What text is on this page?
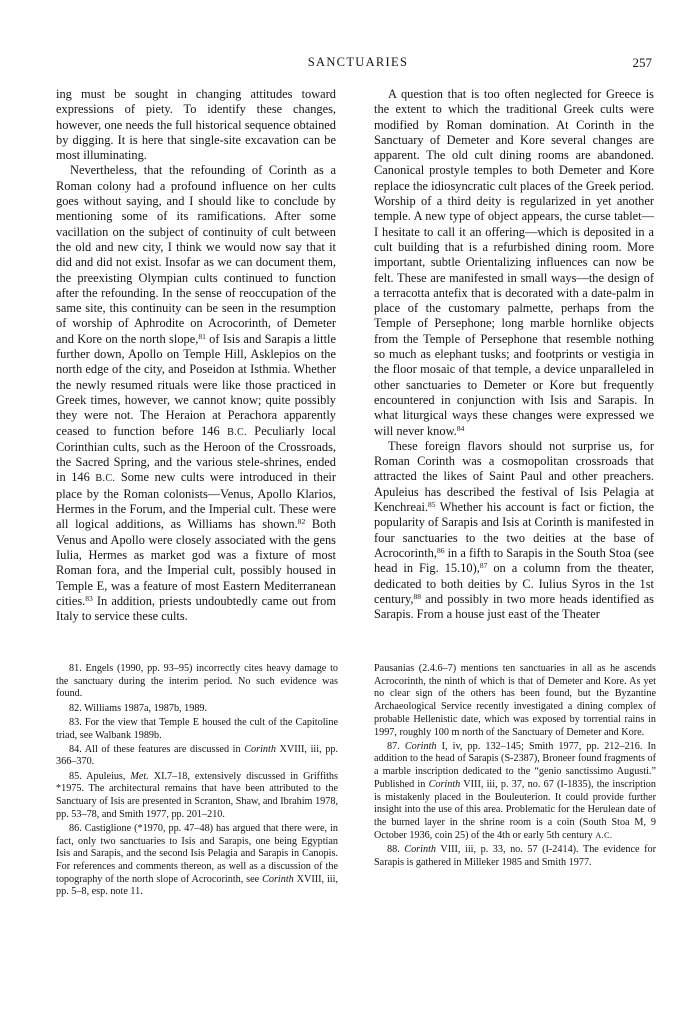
SANCTUARIES	257

ing must be sought in changing attitudes toward expressions of piety. To identify these changes, however, one needs the full historical sequence obtained by digging. It is here that single-site excavation can be most illuminating.

Nevertheless, that the refounding of Corinth as a Roman colony had a profound influence on her cults goes without saying, and I should like to conclude by mentioning some of its ramifications. After some vacillation on the subject of continuity of cult between the old and new city, I think we would now say that it did and did not exist. Insofar as we can document them, the preexisting Olympian cults continued to function after the refounding. In the sense of reoccupation of the same site, this continuity can be seen in the resumption of worship of Aphrodite on Acrocorinth, of Demeter and Kore on the north slope,$^{81}$ of Isis and Sarapis a little further down, Apollo on Temple Hill, Asklepios on the north edge of the city, and Poseidon at Isthmia. Whether the newly resumed rituals were like those practiced in Greek times, however, we cannot know; quite possibly they were not. The Heraion at Perachora apparently ceased to function before 146 B.C. Peculiarly local Corinthian cults, such as the Heroon of the Crossroads, the Sacred Spring, and the various stele-shrines, ended in 146 B.C. Some new cults were introduced in their place by the Roman colonists—Venus, Apollo Klarios, Hermes in the Forum, and the Imperial cult. These were all logical additions, as Williams has shown.$^{82}$ Both Venus and Apollo were closely associated with the gens Iulia, Hermes as market god was a fixture of most Roman fora, and the Imperial cult, possibly housed in Temple E, was a feature of most Eastern Mediterranean cities.$^{83}$ In addition, priests undoubtedly came out from Italy to service these cults.

A question that is too often neglected for Greece is the extent to which the traditional Greek cults were modified by Roman domination. At Corinth in the Sanctuary of Demeter and Kore several changes are apparent. The old cult dining rooms are abandoned. Canonical prostyle temples to both Demeter and Kore replace the idiosyncratic cult places of the Greek period. Worship of a third deity is regularized in yet another temple. A new type of object appears, the curse tablet—I hesitate to call it an offering—which is deposited in a cult building that is a refurbished dining room. More important, subtle Orientalizing influences can now be felt. These are manifested in small ways—the design of a terracotta antefix that is decorated with a date-palm in place of the customary palmette, perhaps from the Temple of Persephone; long marble hornlike objects from the Temple of Persephone that resemble nothing so much as elephant tusks; and footprints or vestigia in the floor mosaic of that temple, a device unparalleled in other sanctuaries to Demeter or Kore but frequently encountered in conjunction with Isis and Sarapis. In what liturgical ways these changes were expressed we will never know.$^{84}$

These foreign flavors should not surprise us, for Roman Corinth was a cosmopolitan crossroads that attracted the likes of Saint Paul and other preachers. Apuleius has described the festival of Isis Pelagia at Kenchreai.$^{85}$ Whether his account is fact or fiction, the popularity of Sarapis and Isis at Corinth is manifested in four sanctuaries to the two deities at the base of Acrocorinth,$^{86}$ in a fifth to Sarapis in the South Stoa (see head in Fig. 15.10),$^{87}$ on a column from the theater, dedicated to both deities by C. Iulius Syros in the 1st century,$^{88}$ and possibly in two more heads identified as Sarapis. From a house just east of the Theater

81. Engels (1990, pp. 93–95) incorrectly cites heavy damage to the sanctuary during the interim period. No such evidence was found.

82. Williams 1987a, 1987b, 1989.

83. For the view that Temple E housed the cult of the Capitoline triad, see Walbank 1989b.

84. All of these features are discussed in Corinth XVIII, iii, pp. 366–370.

85. Apuleius, Met. XI.7–18, extensively discussed in Griffiths *1975. The architectural remains that have been attributed to the Sanctuary of Isis are presented in Scranton, Shaw, and Ibrahim 1978, pp. 53–78, and Smith 1977, pp. 201–210.

86. Castiglione (*1970, pp. 47–48) has argued that there were, in fact, only two sanctuaries to Isis and Sarapis, one being Egyptian Isis and Sarapis, and the second Isis Pelagia and Sarapis in Canopis. For references and comments thereon, as well as a discussion of the topography of the north slope of Acrocorinth, see Corinth XVIII, iii, pp. 5–8, esp. note 11.

Pausanias (2.4.6–7) mentions ten sanctuaries in all as he ascends Acrocorinth, the ninth of which is that of Demeter and Kore. As yet no clear sign of the others has been found, but the Byzantine Archaeological Service recently investigated a dining complex of probable Hellenistic date, which was exposed by torrential rains in 1997, roughly 100 m north of the Sanctuary of Demeter and Kore.

87. Corinth I, iv, pp. 132–145; Smith 1977, pp. 212–216. In addition to the head of Sarapis (S-2387), Broneer found fragments of a marble inscription dedicated to the “genio sanctissimo Augusti.” Published in Corinth VIII, iii, p. 37, no. 67 (I-1835), the inscription is mistakenly placed in the Bouleuterion. It could provide further insight into the use of this area. Problematic for the Herulean date of the burned layer in the shrine room is a coin (South Stoa M, 9 October 1936, coin 25) of the 4th or early 5th century A.C.

88. Corinth VIII, iii, p. 33, no. 57 (I-2414). The evidence for Sarapis is gathered in Milleker 1985 and Smith 1977.
